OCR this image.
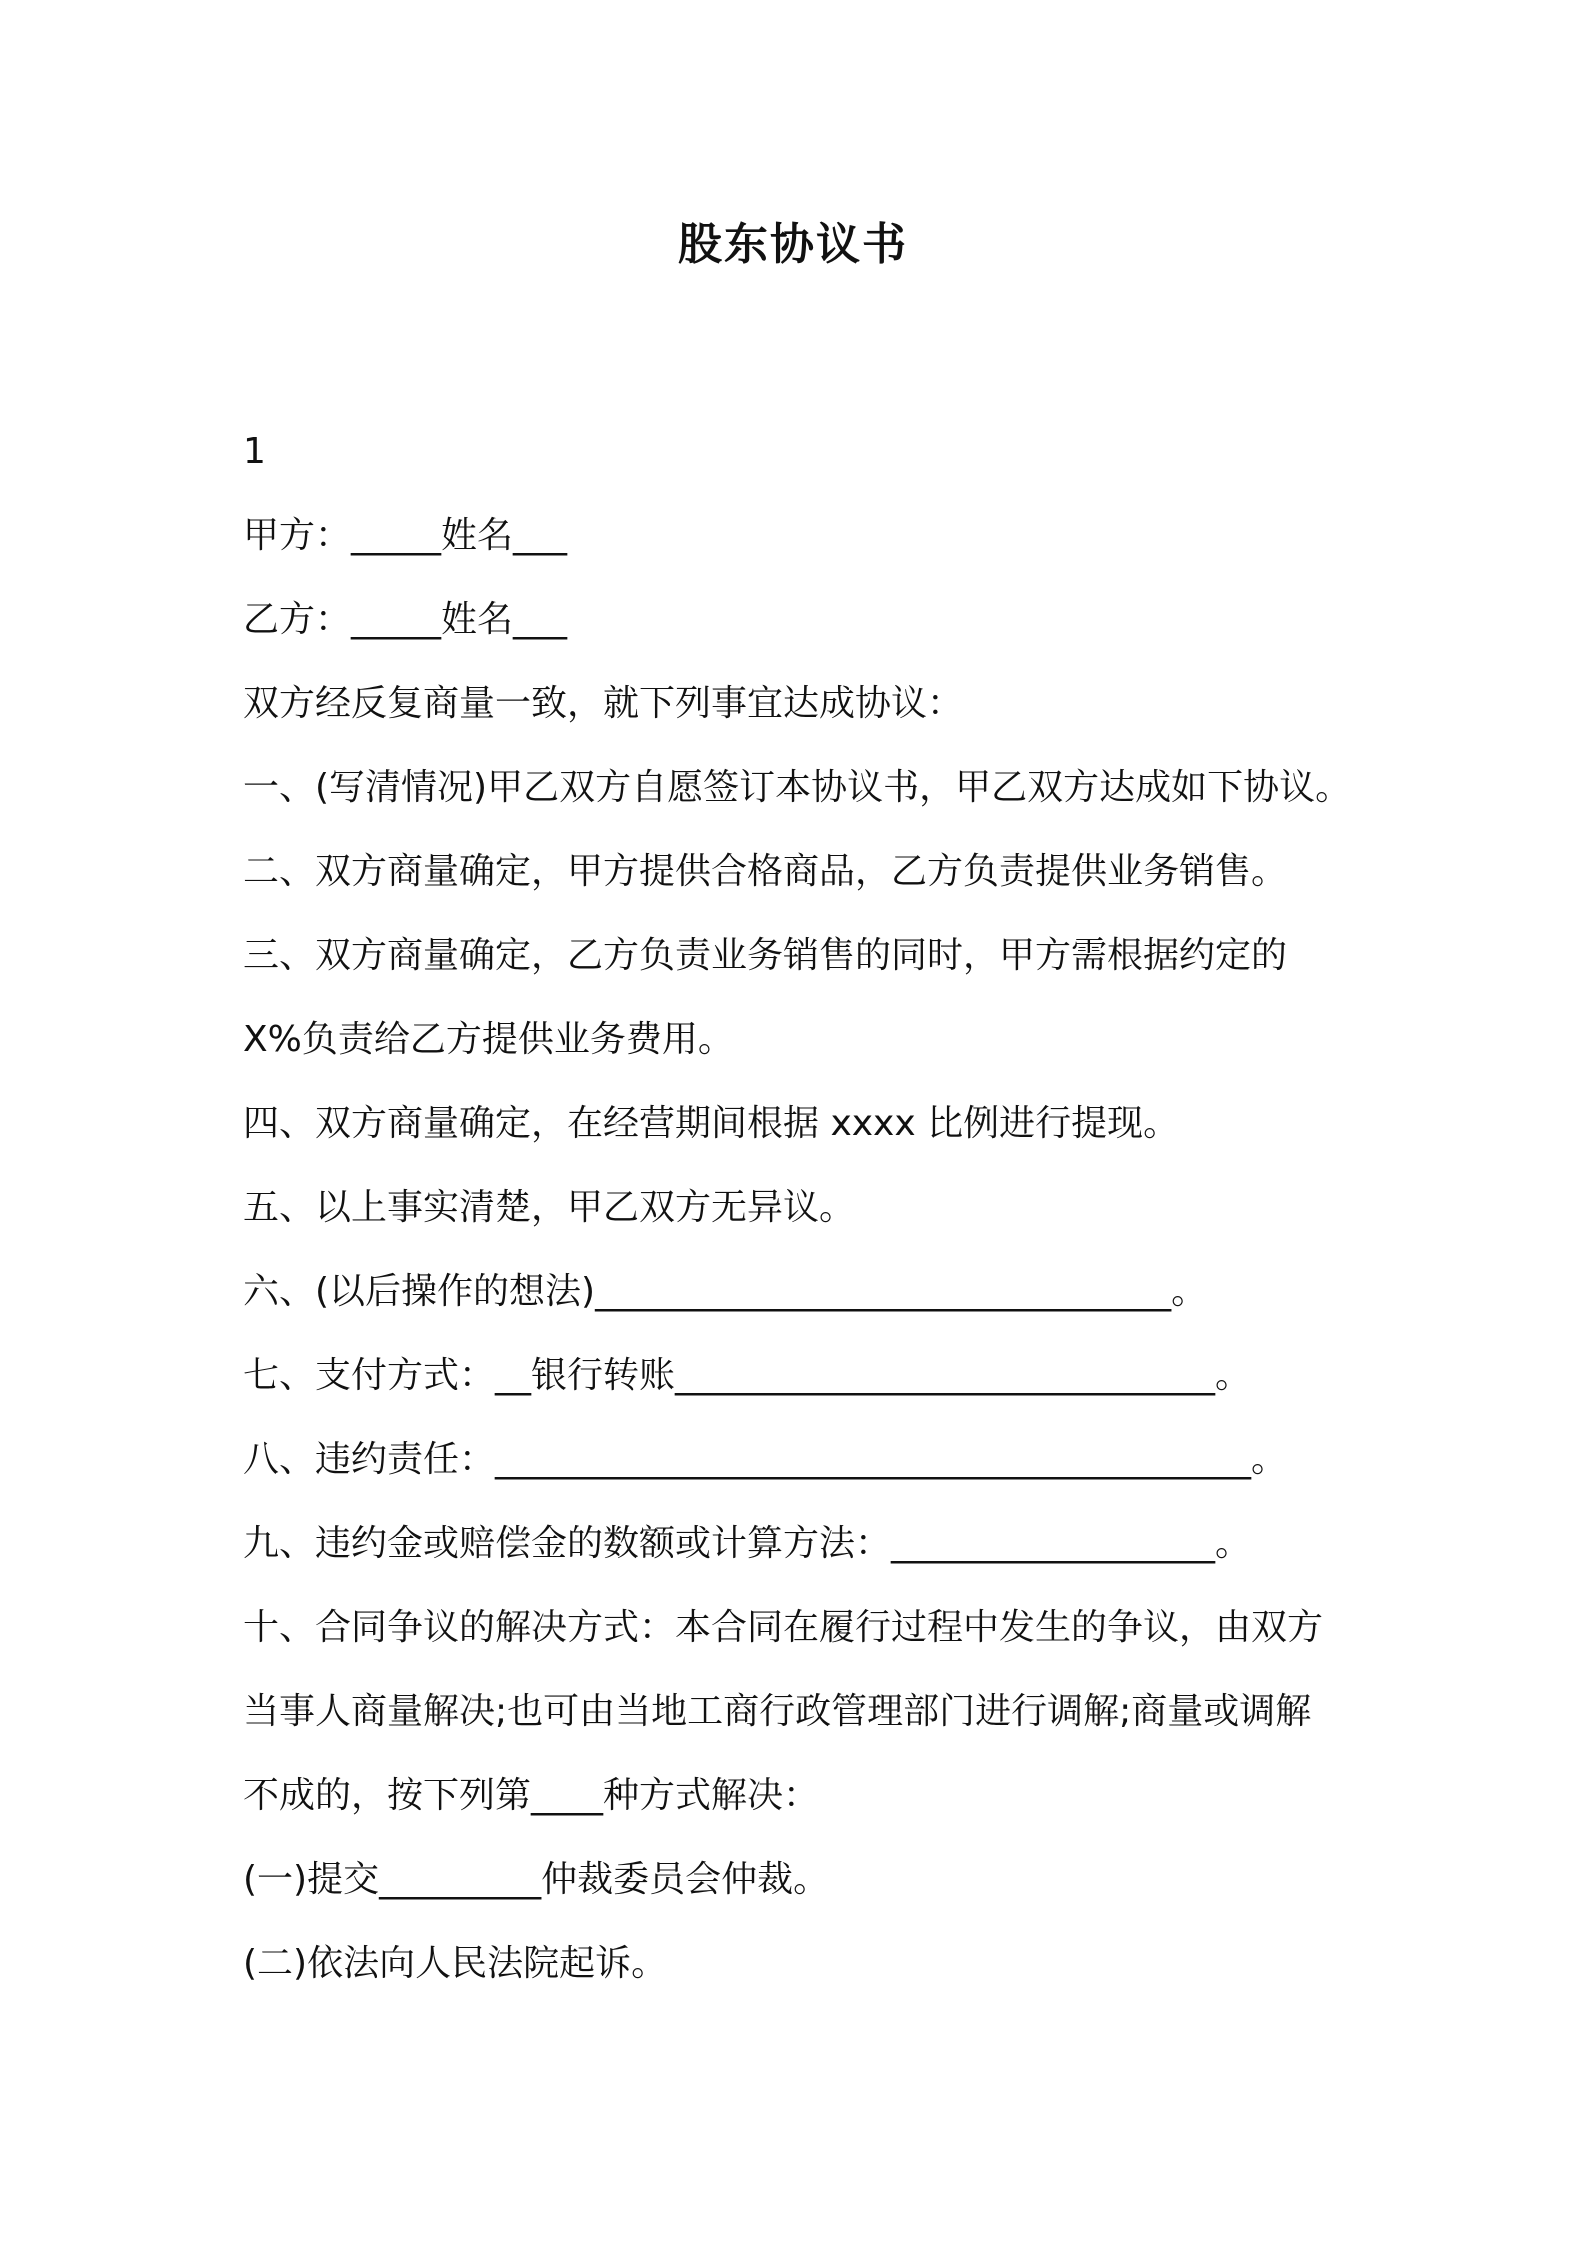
股东协议书

1

甲方：_____姓名___

乙方：_____姓名___

双方经反复商量一致，就下列事宜达成协议：

一、(写清情况)甲乙双方自愿签订本协议书，甲乙双方达成如下协议。

二、双方商量确定，甲方提供合格商品，乙方负责提供业务销售。

三、双方商量确定，乙方负责业务销售的同时，甲方需根据约定的

X%负责给乙方提供业务费用。

四、双方商量确定，在经营期间根据 xxxx 比例进行提现。

五、以上事实清楚，甲乙双方无异议。

六、(以后操作的想法)________________________________。

七、支付方式：__银行转账______________________________。

八、违约责任：__________________________________________。

九、违约金或赔偿金的数额或计算方法：__________________。

十、合同争议的解决方式：本合同在履行过程中发生的争议，由双方

当事人商量解决;也可由当地工商行政管理部门进行调解;商量或调解

不成的，按下列第____种方式解决：

(一)提交_________仲裁委员会仲裁。

(二)依法向人民法院起诉。
